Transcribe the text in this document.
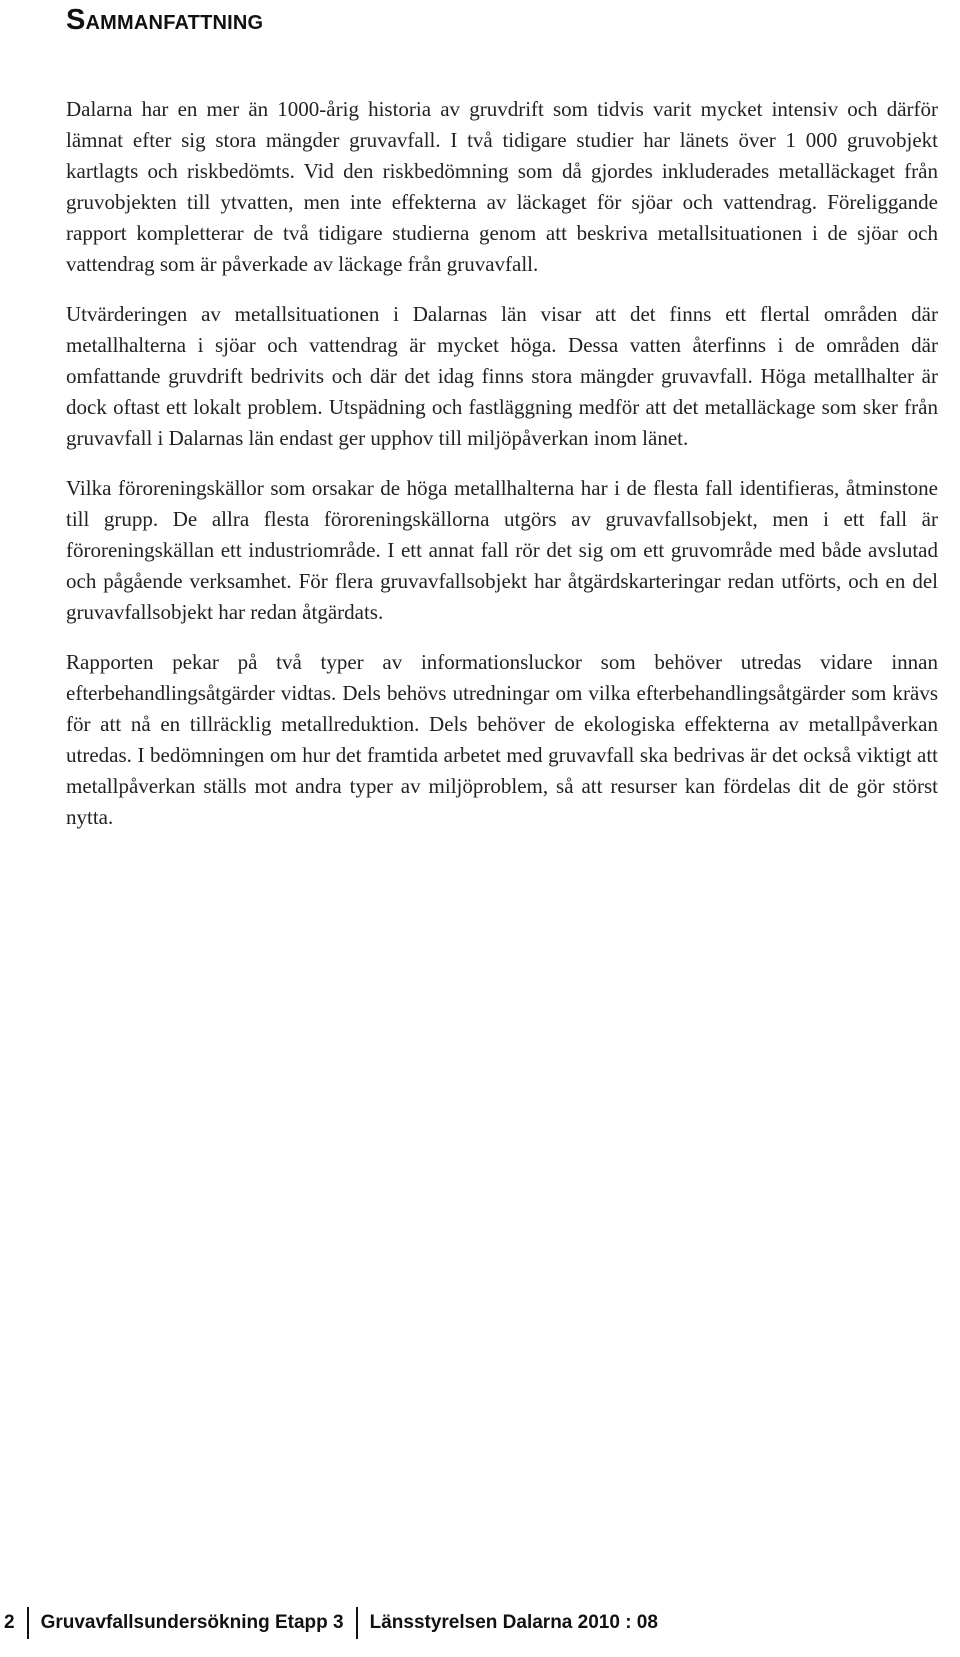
Sammanfattning

Dalarna har en mer än 1000-årig historia av gruvdrift som tidvis varit mycket intensiv och därför lämnat efter sig stora mängder gruvavfall. I två tidigare studier har länets över 1 000 gruvobjekt kartlagts och riskbedömts. Vid den riskbedömning som då gjordes inkluderades metalläckaget från gruvobjekten till ytvatten, men inte effekterna av läckaget för sjöar och vattendrag. Föreliggande rapport kompletterar de två tidigare studierna genom att beskriva metallsituationen i de sjöar och vattendrag som är påverkade av läckage från gruvavfall.

Utvärderingen av metallsituationen i Dalarnas län visar att det finns ett flertal områden där metallhalterna i sjöar och vattendrag är mycket höga. Dessa vatten återfinns i de områden där omfattande gruvdrift bedrivits och där det idag finns stora mängder gruvavfall. Höga metallhalter är dock oftast ett lokalt problem. Utspädning och fastläggning medför att det metalläckage som sker från gruvavfall i Dalarnas län endast ger upphov till miljöpåverkan inom länet.

Vilka föroreningskällor som orsakar de höga metallhalterna har i de flesta fall identifieras, åtminstone till grupp. De allra flesta föroreningskällorna utgörs av gruvavfallsobjekt, men i ett fall är föroreningskällan ett industriområde. I ett annat fall rör det sig om ett gruvområde med både avslutad och pågående verksamhet. För flera gruvavfallsobjekt har åtgärdskarteringar redan utförts, och en del gruvavfallsobjekt har redan åtgärdats.

Rapporten pekar på två typer av informationsluckor som behöver utredas vidare innan efterbehandlingsåtgärder vidtas. Dels behövs utredningar om vilka efterbehandlingsåtgärder som krävs för att nå en tillräcklig metallreduktion. Dels behöver de ekologiska effekterna av metallpåverkan utredas. I bedömningen om hur det framtida arbetet med gruvavfall ska bedrivas är det också viktigt att metallpåverkan ställs mot andra typer av miljöproblem, så att resurser kan fördelas dit de gör störst nytta.

2	Gruvavfallsundersökning Etapp 3	Länsstyrelsen Dalarna 2010 : 08
